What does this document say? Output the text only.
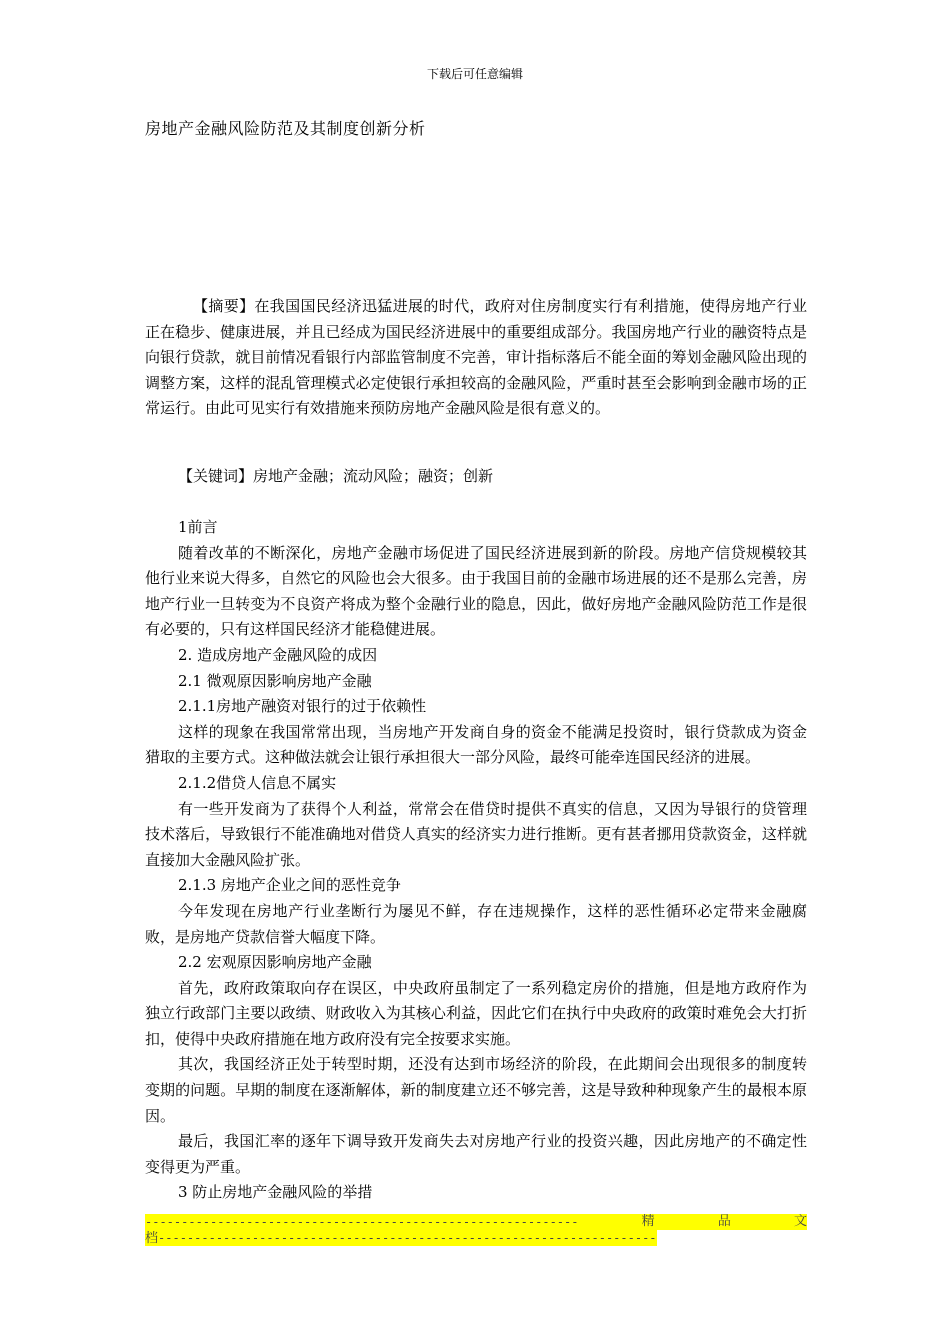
下载后可任意编辑
房地产金融风险防范及其制度创新分析

【摘要】在我国国民经济迅猛进展的时代，政府对住房制度实行有利措施，使得房地产行业正在稳步、健康进展，并且已经成为国民经济进展中的重要组成部分。我国房地产行业的融资特点是向银行贷款，就目前情况看银行内部监管制度不完善，审计指标落后不能全面的筹划金融风险出现的调整方案，这样的混乱管理模式必定使银行承担较高的金融风险，严重时甚至会影响到金融市场的正常运行。由此可见实行有效措施来预防房地产金融风险是很有意义的。

【关键词】房地产金融；流动风险；融资；创新

1前言

随着改革的不断深化，房地产金融市场促进了国民经济进展到新的阶段。房地产信贷规模较其他行业来说大得多，自然它的风险也会大很多。由于我国目前的金融市场进展的还不是那么完善，房地产行业一旦转变为不良资产将成为整个金融行业的隐息，因此，做好房地产金融风险防范工作是很有必要的，只有这样国民经济才能稳健进展。

2. 造成房地产金融风险的成因

2.1 微观原因影响房地产金融

2.1.1房地产融资对银行的过于依赖性

这样的现象在我国常常出现，当房地产开发商自身的资金不能满足投资时，银行贷款成为资金猎取的主要方式。这种做法就会让银行承担很大一部分风险，最终可能牵连国民经济的进展。

2.1.2借贷人信息不属实

有一些开发商为了获得个人利益，常常会在借贷时提供不真实的信息，又因为导银行的贷管理技术落后，导致银行不能准确地对借贷人真实的经济实力进行推断。更有甚者挪用贷款资金，这样就直接加大金融风险扩张。

2.1.3 房地产企业之间的恶性竞争

今年发现在房地产行业垄断行为屡见不鲜，存在违规操作，这样的恶性循环必定带来金融腐败，是房地产贷款信誉大幅度下降。

2.2 宏观原因影响房地产金融

首先，政府政策取向存在误区，中央政府虽制定了一系列稳定房价的措施，但是地方政府作为独立行政部门主要以政绩、财政收入为其核心利益，因此它们在执行中央政府的政策时难免会大打折扣，使得中央政府措施在地方政府没有完全按要求实施。

其次，我国经济正处于转型时期，还没有达到市场经济的阶段，在此期间会出现很多的制度转变期的问题。早期的制度在逐渐解体，新的制度建立还不够完善，这是导致种种现象产生的最根本原因。

最后，我国汇率的逐年下调导致开发商失去对房地产行业的投资兴趣，因此房地产的不确定性变得更为严重。

3 防止房地产金融风险的举措

------------------------------------------------------------	精	品	文
档---------------------------------------------------------------------
